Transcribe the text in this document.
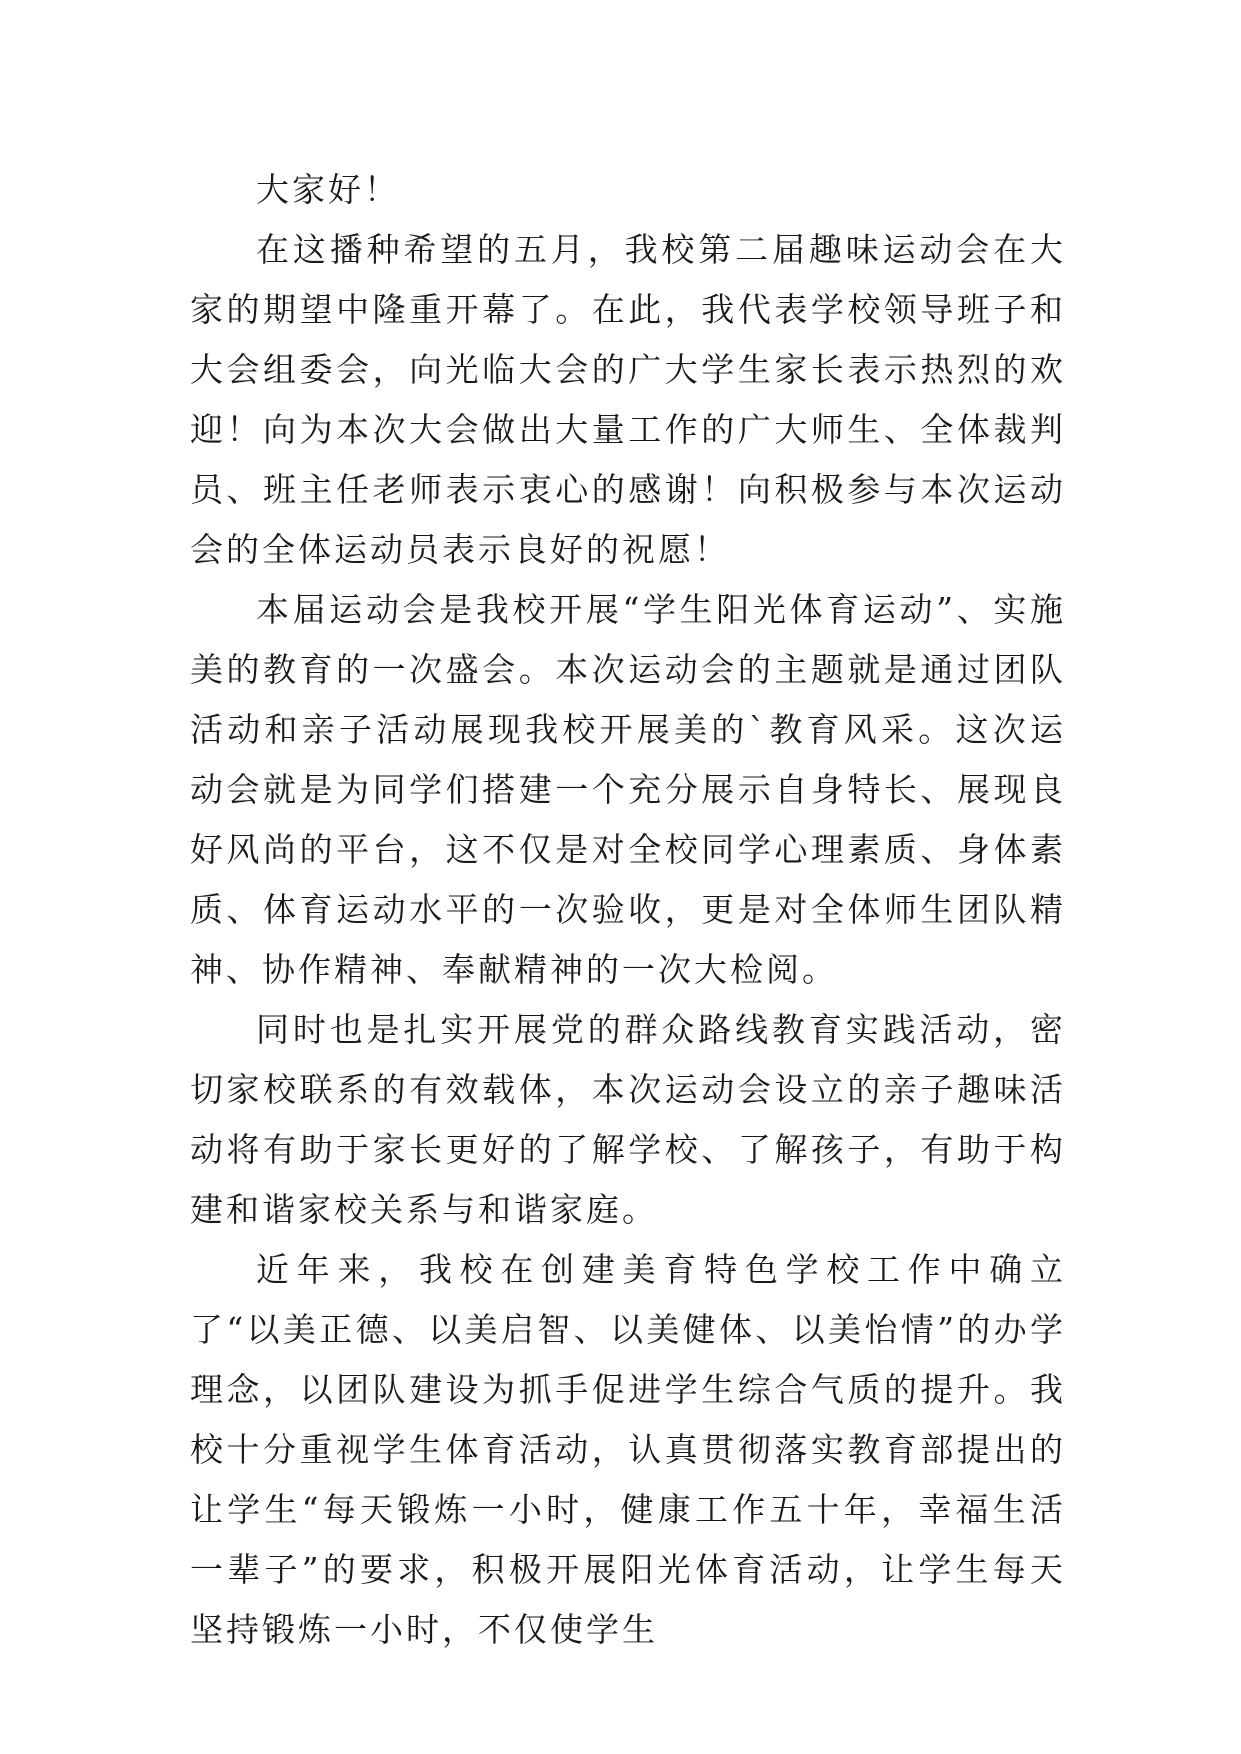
大家好！

在这播种希望的五月，我校第二届趣味运动会在大家的期望中隆重开幕了。在此，我代表学校领导班子和大会组委会，向光临大会的广大学生家长表示热烈的欢迎！向为本次大会做出大量工作的广大师生、全体裁判员、班主任老师表示衷心的感谢！向积极参与本次运动会的全体运动员表示良好的祝愿！

本届运动会是我校开展“学生阳光体育运动”、实施美的教育的一次盛会。本次运动会的主题就是通过团队活动和亲子活动展现我校开展美的`教育风采。这次运动会就是为同学们搭建一个充分展示自身特长、展现良好风尚的平台，这不仅是对全校同学心理素质、身体素质、体育运动水平的一次验收，更是对全体师生团队精神、协作精神、奉献精神的一次大检阅。

同时也是扎实开展党的群众路线教育实践活动，密切家校联系的有效载体，本次运动会设立的亲子趣味活动将有助于家长更好的了解学校、了解孩子，有助于构建和谐家校关系与和谐家庭。

近年来，我校在创建美育特色学校工作中确立了“以美正德、以美启智、以美健体、以美怡情”的办学理念，以团队建设为抓手促进学生综合气质的提升。我校十分重视学生体育活动，认真贯彻落实教育部提出的让学生“每天锻炼一小时，健康工作五十年，幸福生活一辈子”的要求，积极开展阳光体育活动，让学生每天坚持锻炼一小时，不仅使学生
